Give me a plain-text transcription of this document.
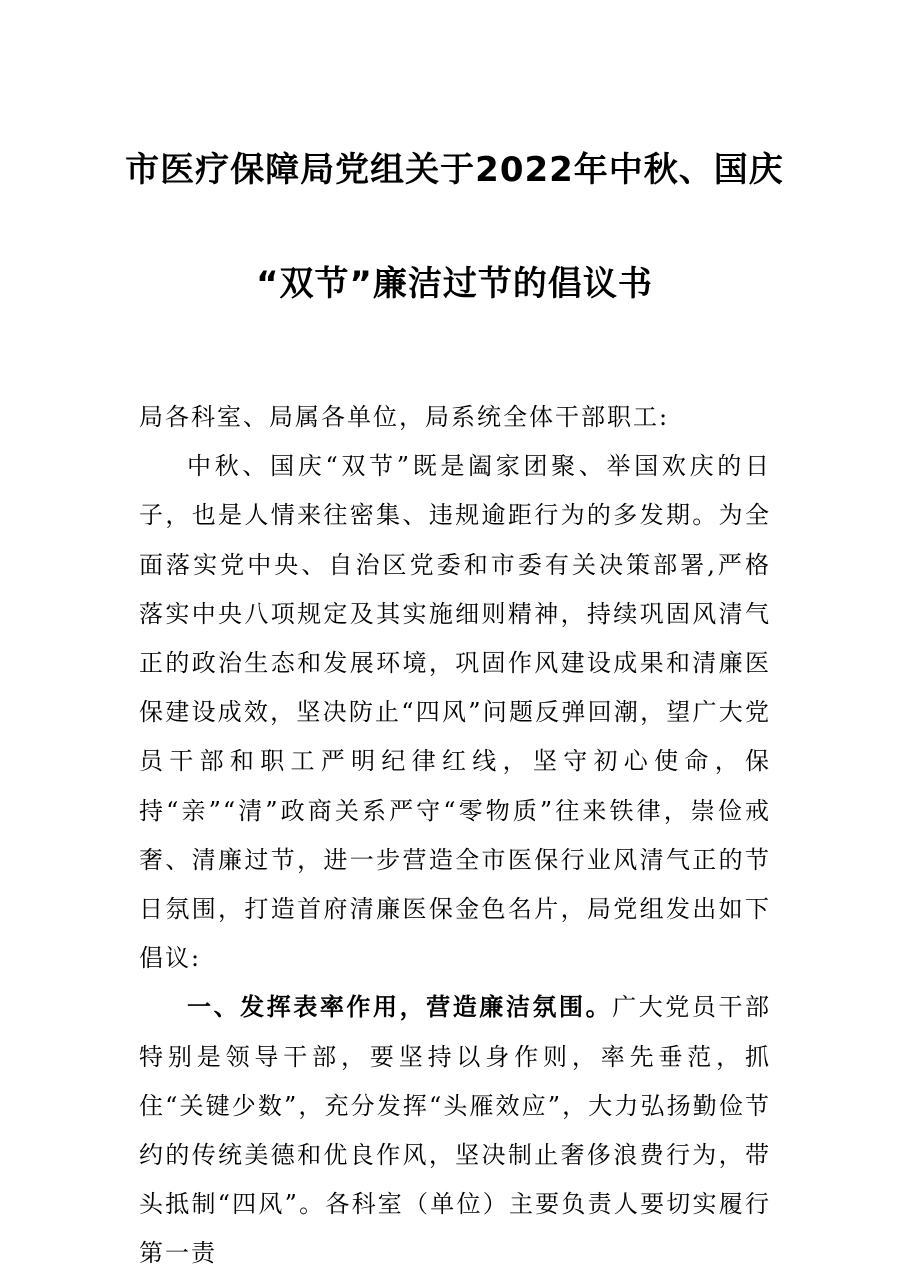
市医疗保障局党组关于2022年中秋、国庆
“双节”廉洁过节的倡议书

局各科室、局属各单位，局系统全体干部职工:

中秋、国庆“双节”既是阖家团聚、举国欢庆的日子，也是人情来往密集、违规逾距行为的多发期。为全面落实党中央、自治区党委和市委有关决策部署,严格落实中央八项规定及其实施细则精神，持续巩固风清气正的政治生态和发展环境，巩固作风建设成果和清廉医保建设成效，坚决防止“四风”问题反弹回潮，望广大党员干部和职工严明纪律红线，坚守初心使命，保持“亲”“清”政商关系严守“零物质”往来铁律，崇俭戒奢、清廉过节，进一步营造全市医保行业风清气正的节日氛围，打造首府清廉医保金色名片，局党组发出如下倡议:

一、发挥表率作用，营造廉洁氛围。广大党员干部特别是领导干部，要坚持以身作则，率先垂范，抓住“关键少数”，充分发挥“头雁效应”，大力弘扬勤俭节约的传统美德和优良作风，坚决制止奢侈浪费行为，带头抵制“四风”。各科室（单位）主要负责人要切实履行第一责
